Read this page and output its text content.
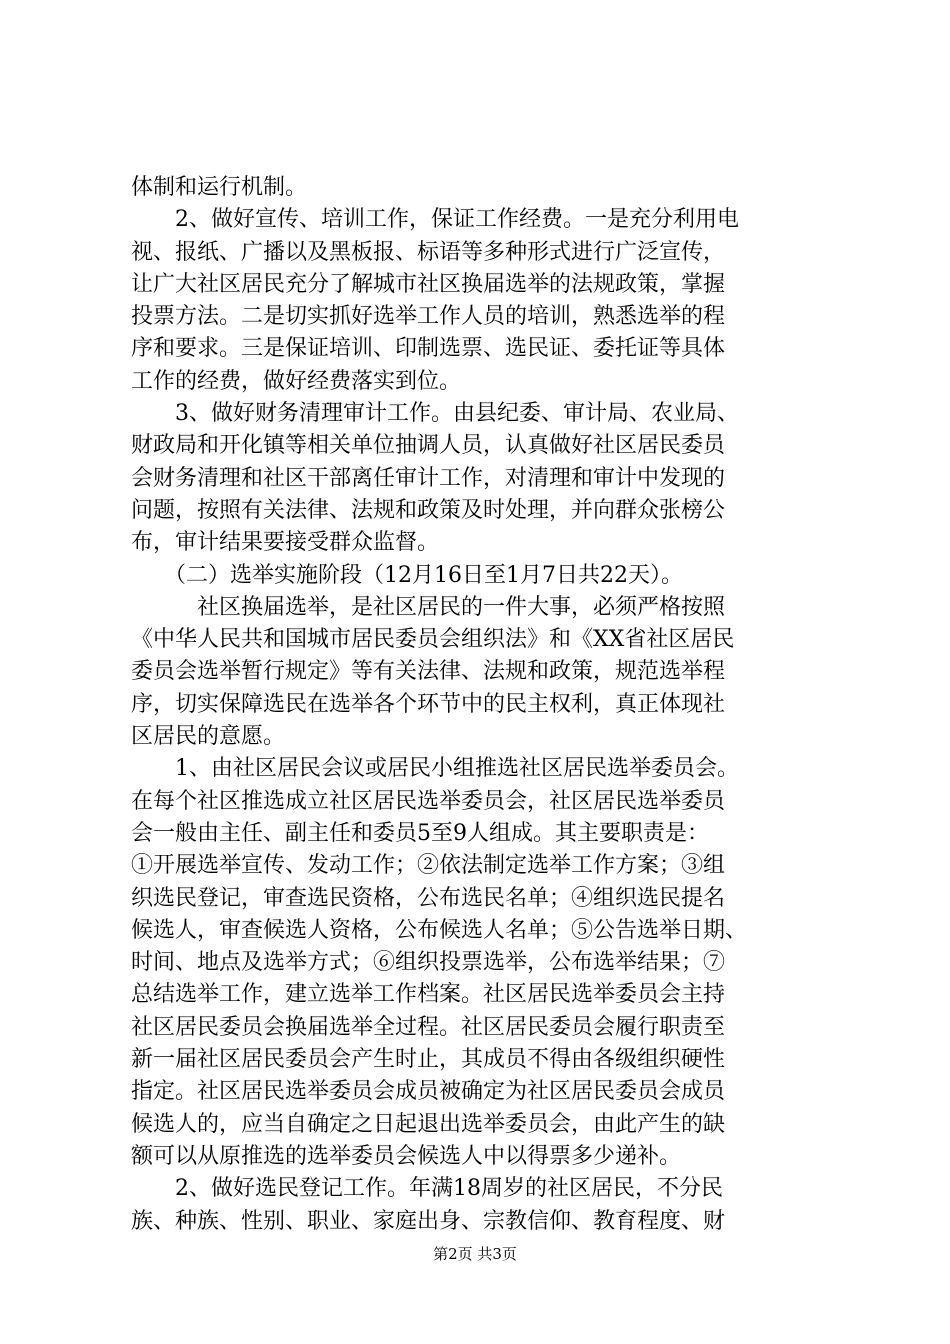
体制和运行机制。
　　2、做好宣传、培训工作，保证工作经费。一是充分利用电
视、报纸、广播以及黑板报、标语等多种形式进行广泛宣传，
让广大社区居民充分了解城市社区换届选举的法规政策，掌握
投票方法。二是切实抓好选举工作人员的培训，熟悉选举的程
序和要求。三是保证培训、印制选票、选民证、委托证等具体
工作的经费，做好经费落实到位。
　　3、做好财务清理审计工作。由县纪委、审计局、农业局、
财政局和开化镇等相关单位抽调人员，认真做好社区居民委员
会财务清理和社区干部离任审计工作，对清理和审计中发现的
问题，按照有关法律、法规和政策及时处理，并向群众张榜公
布，审计结果要接受群众监督。
　　（二）选举实施阶段（12月16日至1月7日共22天）。
　　　社区换届选举，是社区居民的一件大事，必须严格按照
《中华人民共和国城市居民委员会组织法》和《XX省社区居民
委员会选举暂行规定》等有关法律、法规和政策，规范选举程
序，切实保障选民在选举各个环节中的民主权利，真正体现社
区居民的意愿。
　　1、由社区居民会议或居民小组推选社区居民选举委员会。
在每个社区推选成立社区居民选举委员会，社区居民选举委员
会一般由主任、副主任和委员5至9人组成。其主要职责是：
①开展选举宣传、发动工作；②依法制定选举工作方案；③组
织选民登记，审查选民资格，公布选民名单；④组织选民提名
候选人，审查候选人资格，公布候选人名单；⑤公告选举日期、
时间、地点及选举方式；⑥组织投票选举，公布选举结果；⑦
总结选举工作，建立选举工作档案。社区居民选举委员会主持
社区居民委员会换届选举全过程。社区居民委员会履行职责至
新一届社区居民委员会产生时止，其成员不得由各级组织硬性
指定。社区居民选举委员会成员被确定为社区居民委员会成员
候选人的，应当自确定之日起退出选举委员会，由此产生的缺
额可以从原推选的选举委员会候选人中以得票多少递补。
　　2、做好选民登记工作。年满18周岁的社区居民，不分民
族、种族、性别、职业、家庭出身、宗教信仰、教育程度、财
第2页 共3页
